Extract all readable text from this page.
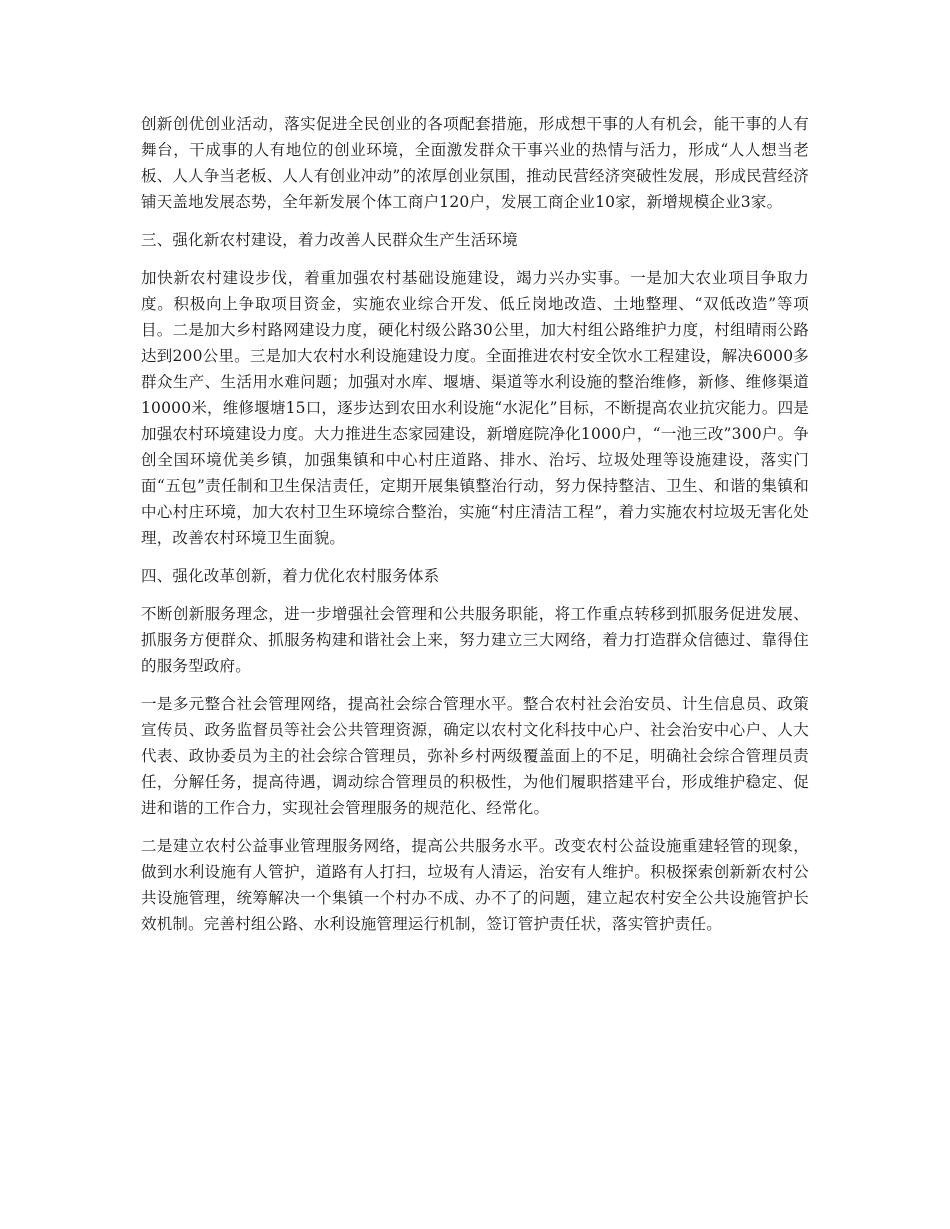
创新创优创业活动，落实促进全民创业的各项配套措施，形成想干事的人有机会，能干事的人有舞台，干成事的人有地位的创业环境，全面激发群众干事兴业的热情与活力，形成“人人想当老板、人人争当老板、人人有创业冲动”的浓厚创业氛围，推动民营经济突破性发展，形成民营经济铺天盖地发展态势，全年新发展个体工商户120户，发展工商企业10家，新增规模企业3家。

三、强化新农村建设，着力改善人民群众生产生活环境

加快新农村建设步伐，着重加强农村基础设施建设，竭力兴办实事。一是加大农业项目争取力度。积极向上争取项目资金，实施农业综合开发、低丘岗地改造、土地整理、“双低改造”等项目。二是加大乡村路网建设力度，硬化村级公路30公里，加大村组公路维护力度，村组晴雨公路达到200公里。三是加大农村水利设施建设力度。全面推进农村安全饮水工程建设，解决6000多群众生产、生活用水难问题；加强对水库、堰塘、渠道等水利设施的整治维修，新修、维修渠道10000米，维修堰塘15口，逐步达到农田水利设施“水泥化”目标，不断提高农业抗灾能力。四是加强农村环境建设力度。大力推进生态家园建设，新增庭院净化1000户，“一池三改”300户。争创全国环境优美乡镇，加强集镇和中心村庄道路、排水、治圬、垃圾处理等设施建设，落实门面“五包”责任制和卫生保洁责任，定期开展集镇整治行动，努力保持整洁、卫生、和谐的集镇和中心村庄环境，加大农村卫生环境综合整治，实施“村庄清洁工程”，着力实施农村垃圾无害化处理，改善农村环境卫生面貌。

四、强化改革创新，着力优化农村服务体系

不断创新服务理念，进一步增强社会管理和公共服务职能，将工作重点转移到抓服务促进发展、抓服务方便群众、抓服务构建和谐社会上来，努力建立三大网络，着力打造群众信德过、靠得住的服务型政府。

一是多元整合社会管理网络，提高社会综合管理水平。整合农村社会治安员、计生信息员、政策宣传员、政务监督员等社会公共管理资源，确定以农村文化科技中心户、社会治安中心户、人大代表、政协委员为主的社会综合管理员，弥补乡村两级覆盖面上的不足，明确社会综合管理员责任，分解任务，提高待遇，调动综合管理员的积极性，为他们履职搭建平台，形成维护稳定、促进和谐的工作合力，实现社会管理服务的规范化、经常化。

二是建立农村公益事业管理服务网络，提高公共服务水平。改变农村公益设施重建轻管的现象，做到水利设施有人管护，道路有人打扫，垃圾有人清运，治安有人维护。积极探索创新新农村公共设施管理，统筹解决一个集镇一个村办不成、办不了的问题，建立起农村安全公共设施管护长效机制。完善村组公路、水利设施管理运行机制，签订管护责任状，落实管护责任。
